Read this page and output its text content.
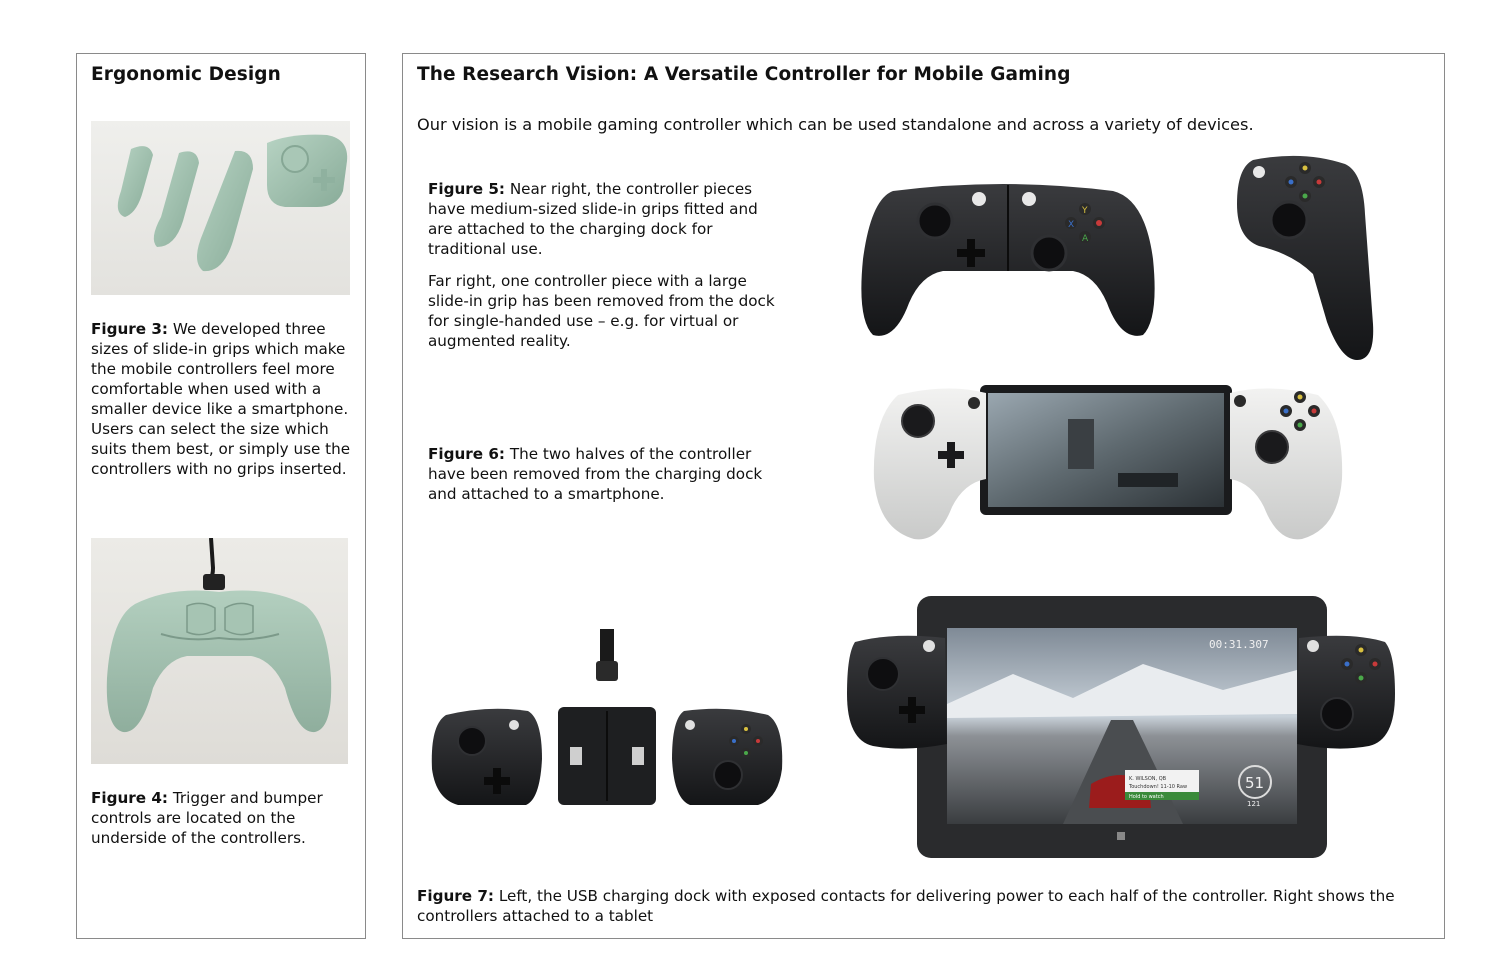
Ergonomic Design
Figure 3: We developed three sizes of slide-in grips which make the mobile controllers feel more comfortable when used with a smaller device like a smartphone. Users can select the size which suits them best, or simply use the controllers with no grips inserted.
Figure 4: Trigger and bumper controls are located on the underside of the controllers.
The Research Vision: A Versatile Controller for Mobile Gaming
Our vision is a mobile gaming controller which can be used standalone and across a variety of devices.
Figure 5: Near right, the controller pieces have medium-sized slide-in grips fitted and are attached to the charging dock for traditional use.
Far right, one controller piece with a large slide-in grip has been removed from the dock for single-handed use – e.g. for virtual or augmented reality.
Figure 6: The two halves of the controller have been removed from the charging dock and attached to a smartphone.
Figure 7: Left, the USB charging dock with exposed contacts for delivering power to each half of the controller. Right shows the controllers attached to a tablet
Y
X
A
K. WILSON, QB
Touchdown! 11-10 Raw
Hold to watch
00:31.307
51
121
